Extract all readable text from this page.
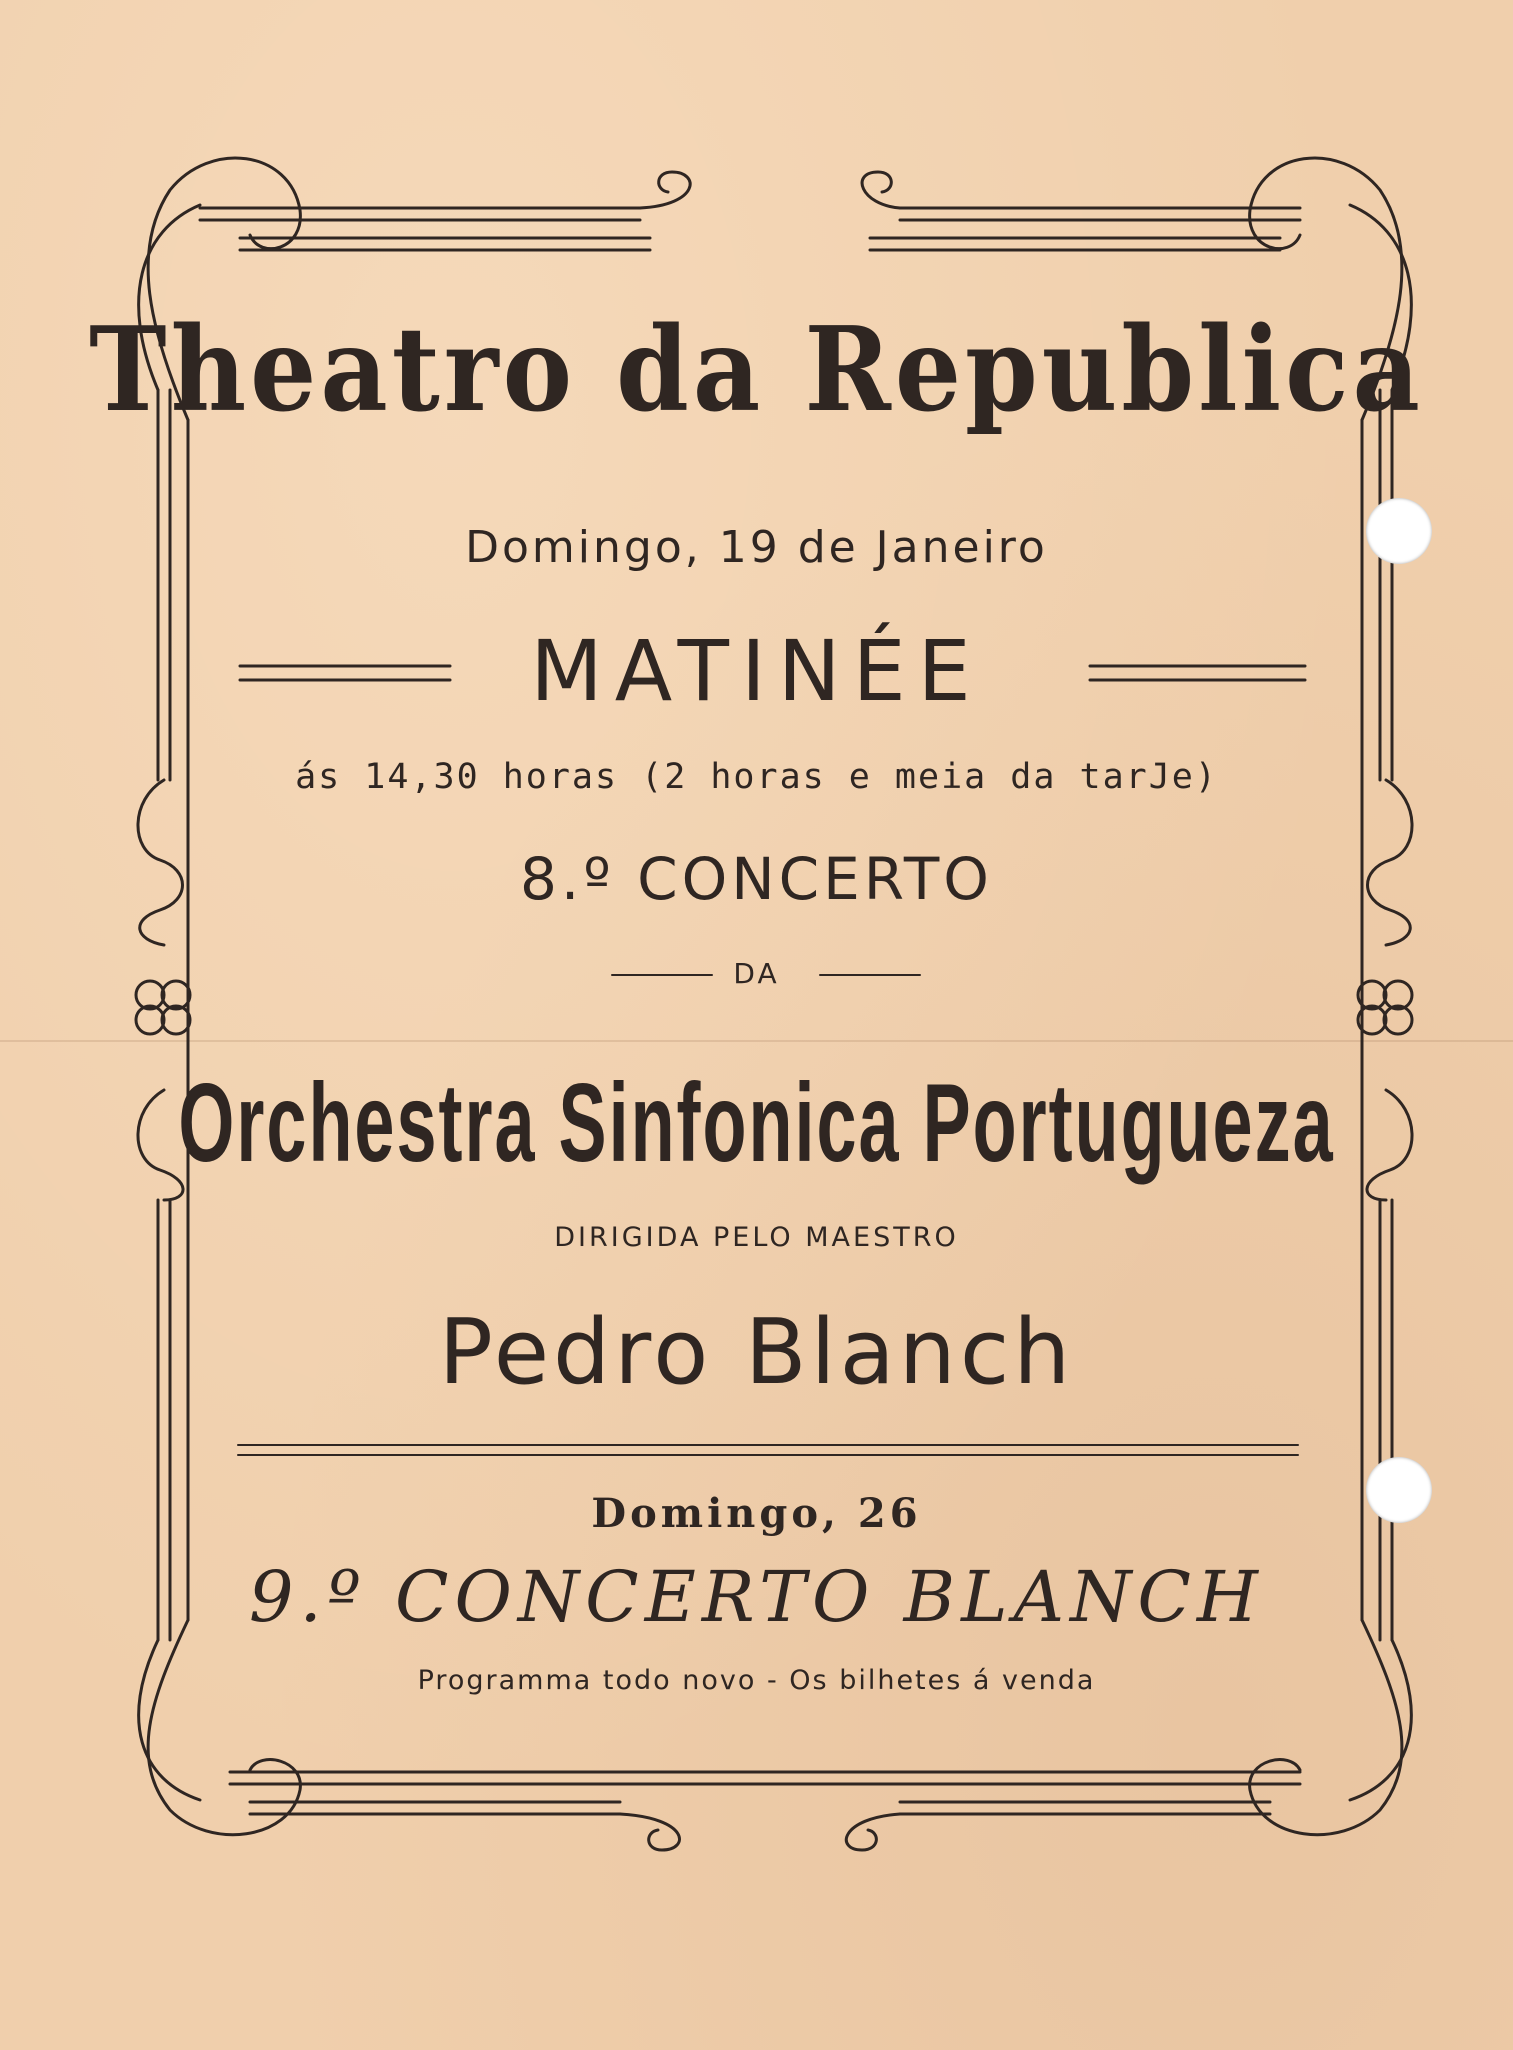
Theatro da Republica
Domingo, 19 de Janeiro
MATINÉE
ás 14,30 horas (2 horas e meia da tarJe)
8.º CONCERTO
DA
Orchestra Sinfonica Portugueza
DIRIGIDA PELO MAESTRO
Pedro Blanch
Domingo, 26
9.º CONCERTO BLANCH
Programma todo novo - Os bilhetes á venda
